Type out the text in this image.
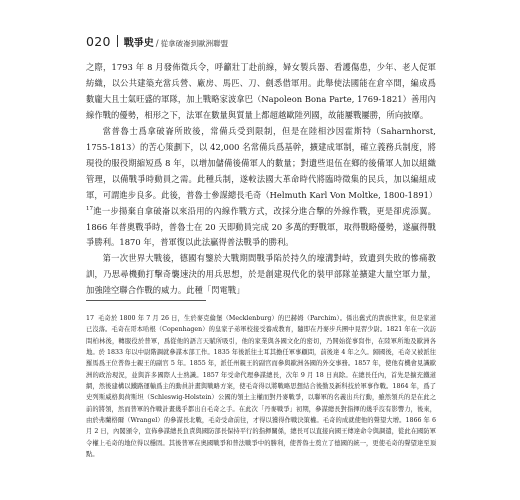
020 戰爭史 / 從拿破崙到歐洲聯盟

之際，1793 年 8 月發佈徵兵令，呼籲壯丁赴前線，婦女製兵器、看護傷患，少年、老人促軍紡織，以公共建築充當兵營、廠房、馬匹、刀、劍悉借軍用。此舉使法國能在倉卒間，編成爲數龐大且士氣旺盛的軍隊，加上戰略家波拿巴（Napoleon Bona Parte, 1769-1821）善用內線作戰的優勢，相形之下，法軍在數量與質量上都超越歐陸列國，故能屢戰屢勝，所向披靡。

當普魯士爲拿破崙所敗後，常備兵受到限制，但是在陸相沙因霍斯特（Saharnhorst, 1755-1813）的苦心策劃下，以 42,000 名常備兵爲基幹，擴建成軍制，確立義務兵制度，將現役的服役期縮短爲 8 年，以增加儲備後備軍人的數量；對遺些退伍在鄉的後備軍人加以組織管理，以備戰爭時動員之需。此種兵制，遂較法國大革命時代將臨時徵集的民兵，加以編組成軍，可謂進步良多。此後，普魯士參謀總長毛奇（Helmuth Karl Von Moltke, 1800-1891）$^{17}$進一步揚棄自拿破崙以來沿用的內線作戰方式，改採分進合擊的外線作戰，更是卻虎添翼。1866 年普奧戰爭時，普魯士在 20 天即動員完成 20 多萬的野戰軍，取得戰略優勢，遂贏得戰爭勝利。1870 年，普軍復以此法贏得普法戰爭的勝利。

第一次世界大戰後，德國有鑒於大戰期間戰爭陷於持久的壕溝對峙，致遺到失敗的慘痛教訓，乃思尋機動打擊奇襲速決的用兵思想，於是創建現代化的裝甲部隊並擴建大量空軍力量，加強陸空聯合作戰的威力。此種「閃電戰」

17 毛奇於 1800 年 7 月 26 日，生於麥克倫堡（Mecklenburg）的巴赫姆（Parchim）。係出舊式的貴族世家，但是家道已沒落。毛奇在哥本哈根（Copenhagen）的皇家子弟軍校接受養成教育，隨即在丹麥步兵團中見習少尉。1821 年在一次訪問柏林後，轉服役於普軍，爲從他的語言天賦所吸引，他的家業與各國文化的密切，乃開始從事寫作，在陸軍所地及歐洲各地。於 1833 年以中尉階調就參謀本部工作。1835 年後派往土耳其擔任軍事顧問，前後達 4 年之久。歸國後，毛奇又被派往羅馬爲王位普魯士親王的副官 5 年。1855 年，派任州親王的副官而參與歐洲各國的外交事務。1857 年，使他有機會見識歐洲的政治現況，並與許多國際人士熟識。1857 年受命代理參謀總長，次年 9 月 18 日真除。在總長任內，首先是擴充鐵道網，然後建構以鐵路運輸爲主的動員計畫與戰略方案，使毛奇得以將戰略思想結合後勤及新科技於軍事作戰。1864 年，爲了史列斯威格與荷斯坦（Schleswig-Holstein）公國的領土主權而對丹麥戰爭，以聯軍的名義出兵行動，雖然領兵的是在此之前的將領，然而普軍的作戰計畫幾乎都出自毛奇之手。在此次「丹麥戰爭」初期，參謀總長對指揮的幾乎沒有影響力，後來，由於弗蘭格爾（Wrangel）的參謀長北戰，毛奇受命前往，才得以獲得作戰決策權。毛奇的成就使他的聲望大增。1866 年 6 月 2 日，內閣頒令，宣佈參謀總長負責與國防部長保持平行的指揮關係，總長可以直接向國王傳達命令與調遣，從此在國防軍令權上毛奇的地位得以穩固。其後普軍在奧國戰爭和普法戰爭中的勝利，使普魯士奠立了德國的統一，更使毛奇的聲望達至頂點。
